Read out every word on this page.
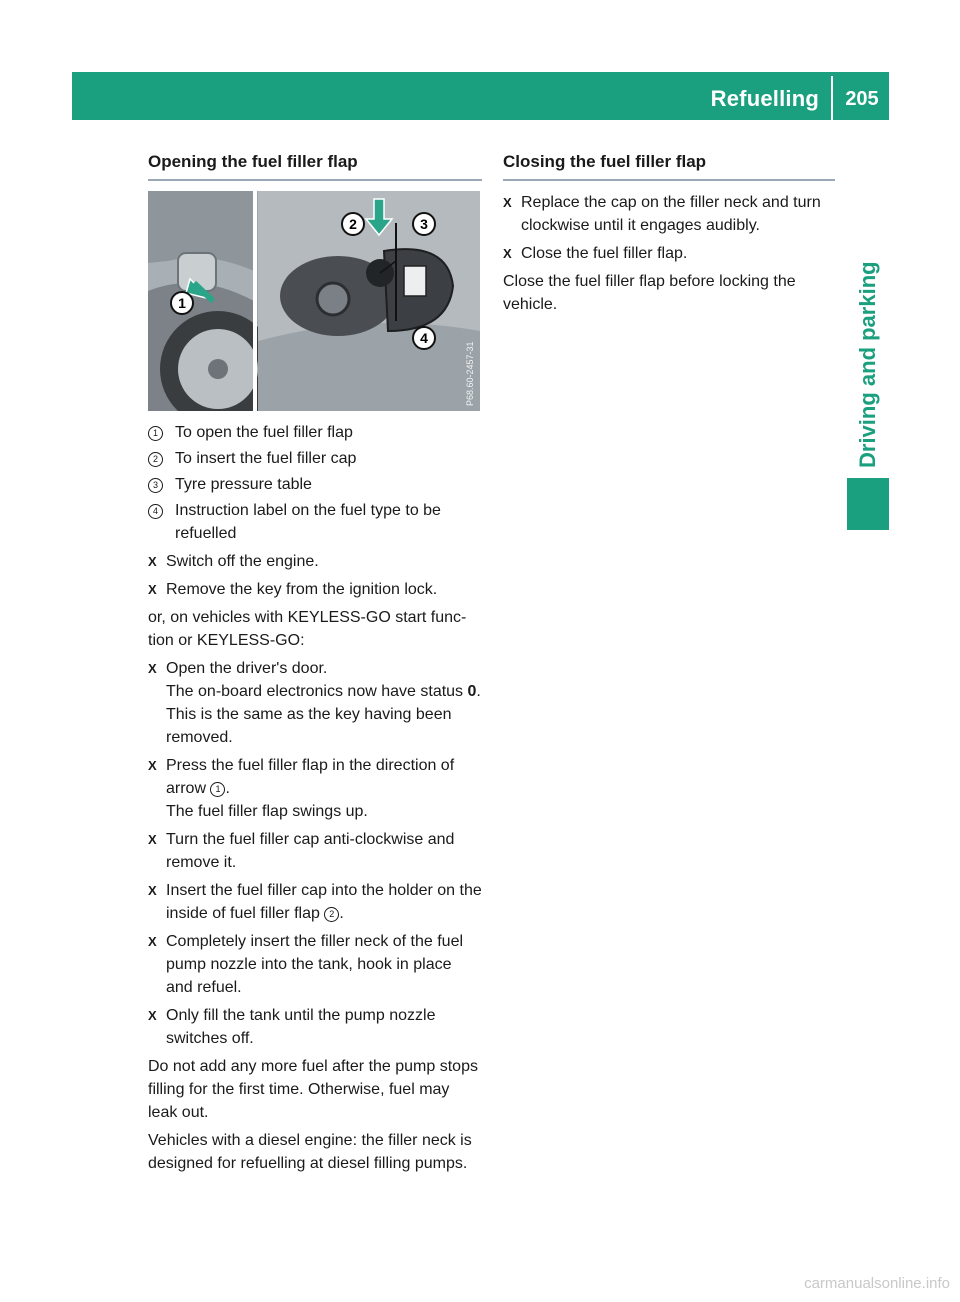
Refuelling	205
Driving and parking
Opening the fuel filler flap
1
2	3
4
P68.60-2457-31
1	To open the fuel filler flap
2	To insert the fuel filler cap
3	Tyre pressure table
4	Instruction label on the fuel type to be refuelled
X Switch off the engine.
X Remove the key from the ignition lock.
or, on vehicles with KEYLESS-GO start func-tion or KEYLESS-GO:
X Open the driver's door.
The on-board electronics now have status 0. This is the same as the key having been removed.
X Press the fuel filler flap in the direction of arrow 1 .
The fuel filler flap swings up.
X Turn the fuel filler cap anti-clockwise and remove it.
X Insert the fuel filler cap into the holder on the inside of fuel filler flap 2 .
X Completely insert the filler neck of the fuel pump nozzle into the tank, hook in place and refuel.
X Only fill the tank until the pump nozzle switches off.
Do not add any more fuel after the pump stops filling for the first time. Otherwise, fuel may leak out.
Vehicles with a diesel engine: the filler neck is designed for refuelling at diesel filling pumps.
Closing the fuel filler flap
X Replace the cap on the filler neck and turn clockwise until it engages audibly.
X Close the fuel filler flap.
Close the fuel filler flap before locking the vehicle.
carmanualsonline.info
